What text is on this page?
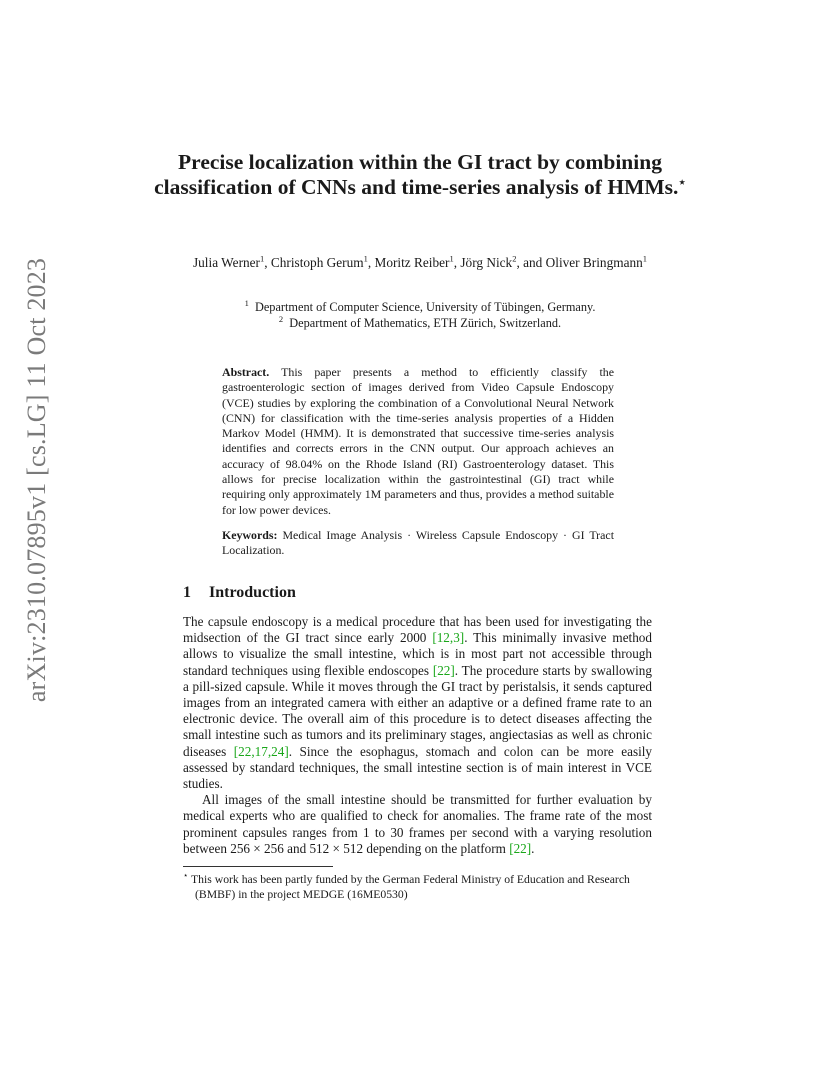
arXiv:2310.07895v1 [cs.LG] 11 Oct 2023
Precise localization within the GI tract by combining classification of CNNs and time-series analysis of HMMs.⋆
Julia Werner$^1$, Christoph Gerum$^1$, Moritz Reiber$^1$, Jörg Nick$^2$, and Oliver Bringmann$^1$
$^1$ Department of Computer Science, University of Tübingen, Germany.
$^2$ Department of Mathematics, ETH Zürich, Switzerland.
Abstract. This paper presents a method to efficiently classify the gastroenterologic section of images derived from Video Capsule Endoscopy (VCE) studies by exploring the combination of a Convolutional Neural Network (CNN) for classification with the time-series analysis properties of a Hidden Markov Model (HMM). It is demonstrated that successive time-series analysis identifies and corrects errors in the CNN output. Our approach achieves an accuracy of 98.04% on the Rhode Island (RI) Gastroenterology dataset. This allows for precise localization within the gastrointestinal (GI) tract while requiring only approximately 1M parameters and thus, provides a method suitable for low power devices.
Keywords: Medical Image Analysis · Wireless Capsule Endoscopy · GI Tract Localization.
1 Introduction

The capsule endoscopy is a medical procedure that has been used for investigating the midsection of the GI tract since early 2000 [12,3]. This minimally invasive method allows to visualize the small intestine, which is in most part not accessible through standard techniques using flexible endoscopes [22]. The procedure starts by swallowing a pill-sized capsule. While it moves through the GI tract by peristalsis, it sends captured images from an integrated camera with either an adaptive or a defined frame rate to an electronic device. The overall aim of this procedure is to detect diseases affecting the small intestine such as tumors and its preliminary stages, angiectasias as well as chronic diseases [22,17,24]. Since the esophagus, stomach and colon can be more easily assessed by standard techniques, the small intestine section is of main interest in VCE studies.

All images of the small intestine should be transmitted for further evaluation by medical experts who are qualified to check for anomalies. The frame rate of the most prominent capsules ranges from 1 to 30 frames per second with a varying resolution between 256 × 256 and 512 × 512 depending on the platform [22].

⋆ This work has been partly funded by the German Federal Ministry of Education and Research (BMBF) in the project MEDGE (16ME0530)
